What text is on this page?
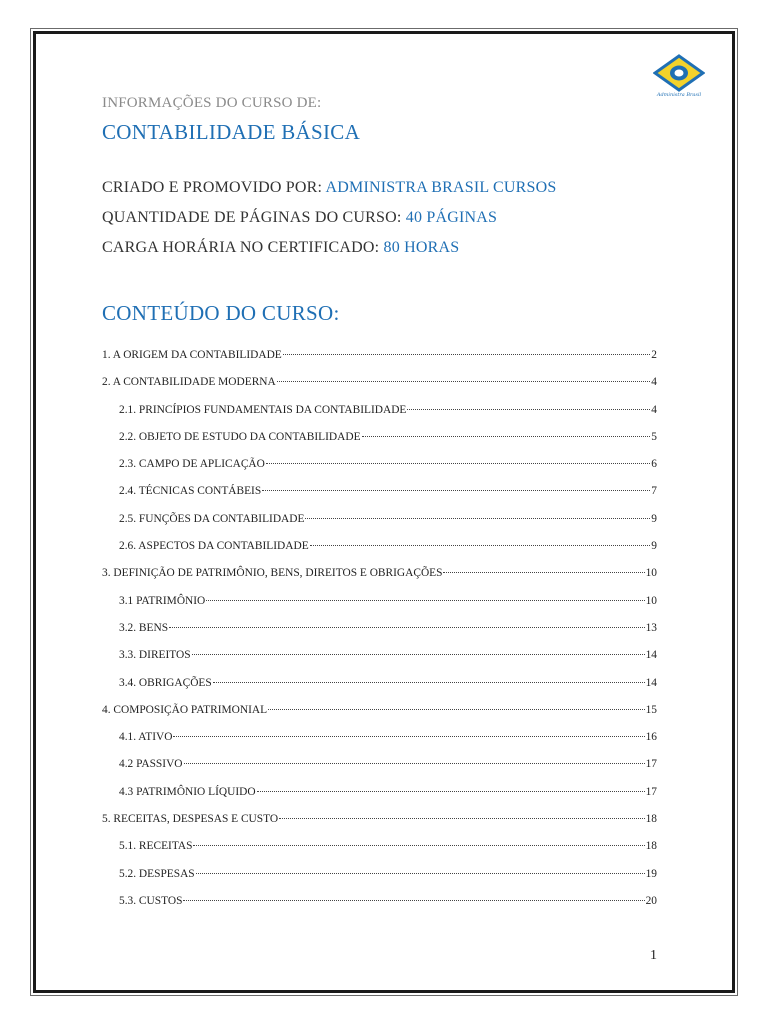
Administra Brasil
INFORMAÇÕES DO CURSO DE:
CONTABILIDADE BÁSICA
CRIADO E PROMOVIDO POR: ADMINISTRA BRASIL CURSOS
QUANTIDADE DE PÁGINAS DO CURSO: 40 PÁGINAS
CARGA HORÁRIA NO CERTIFICADO: 80 HORAS
CONTEÚDO DO CURSO:
1. A ORIGEM DA CONTABILIDADE	2
2. A CONTABILIDADE MODERNA	4
2.1. PRINCÍPIOS FUNDAMENTAIS DA CONTABILIDADE	4
2.2. OBJETO DE ESTUDO DA CONTABILIDADE	5
2.3. CAMPO DE APLICAÇÃO	6
2.4. TÉCNICAS CONTÁBEIS	7
2.5. FUNÇÕES DA CONTABILIDADE	9
2.6. ASPECTOS DA CONTABILIDADE	9
3. DEFINIÇÃO DE PATRIMÔNIO, BENS, DIREITOS E OBRIGAÇÕES	10
3.1 PATRIMÔNIO	10
3.2. BENS	13
3.3. DIREITOS	14
3.4. OBRIGAÇÕES	14
4. COMPOSIÇÃO PATRIMONIAL	15
4.1. ATIVO	16
4.2 PASSIVO	17
4.3 PATRIMÔNIO LÍQUIDO	17
5. RECEITAS, DESPESAS E CUSTO	18
5.1. RECEITAS	18
5.2. DESPESAS	19
5.3. CUSTOS	20
1
